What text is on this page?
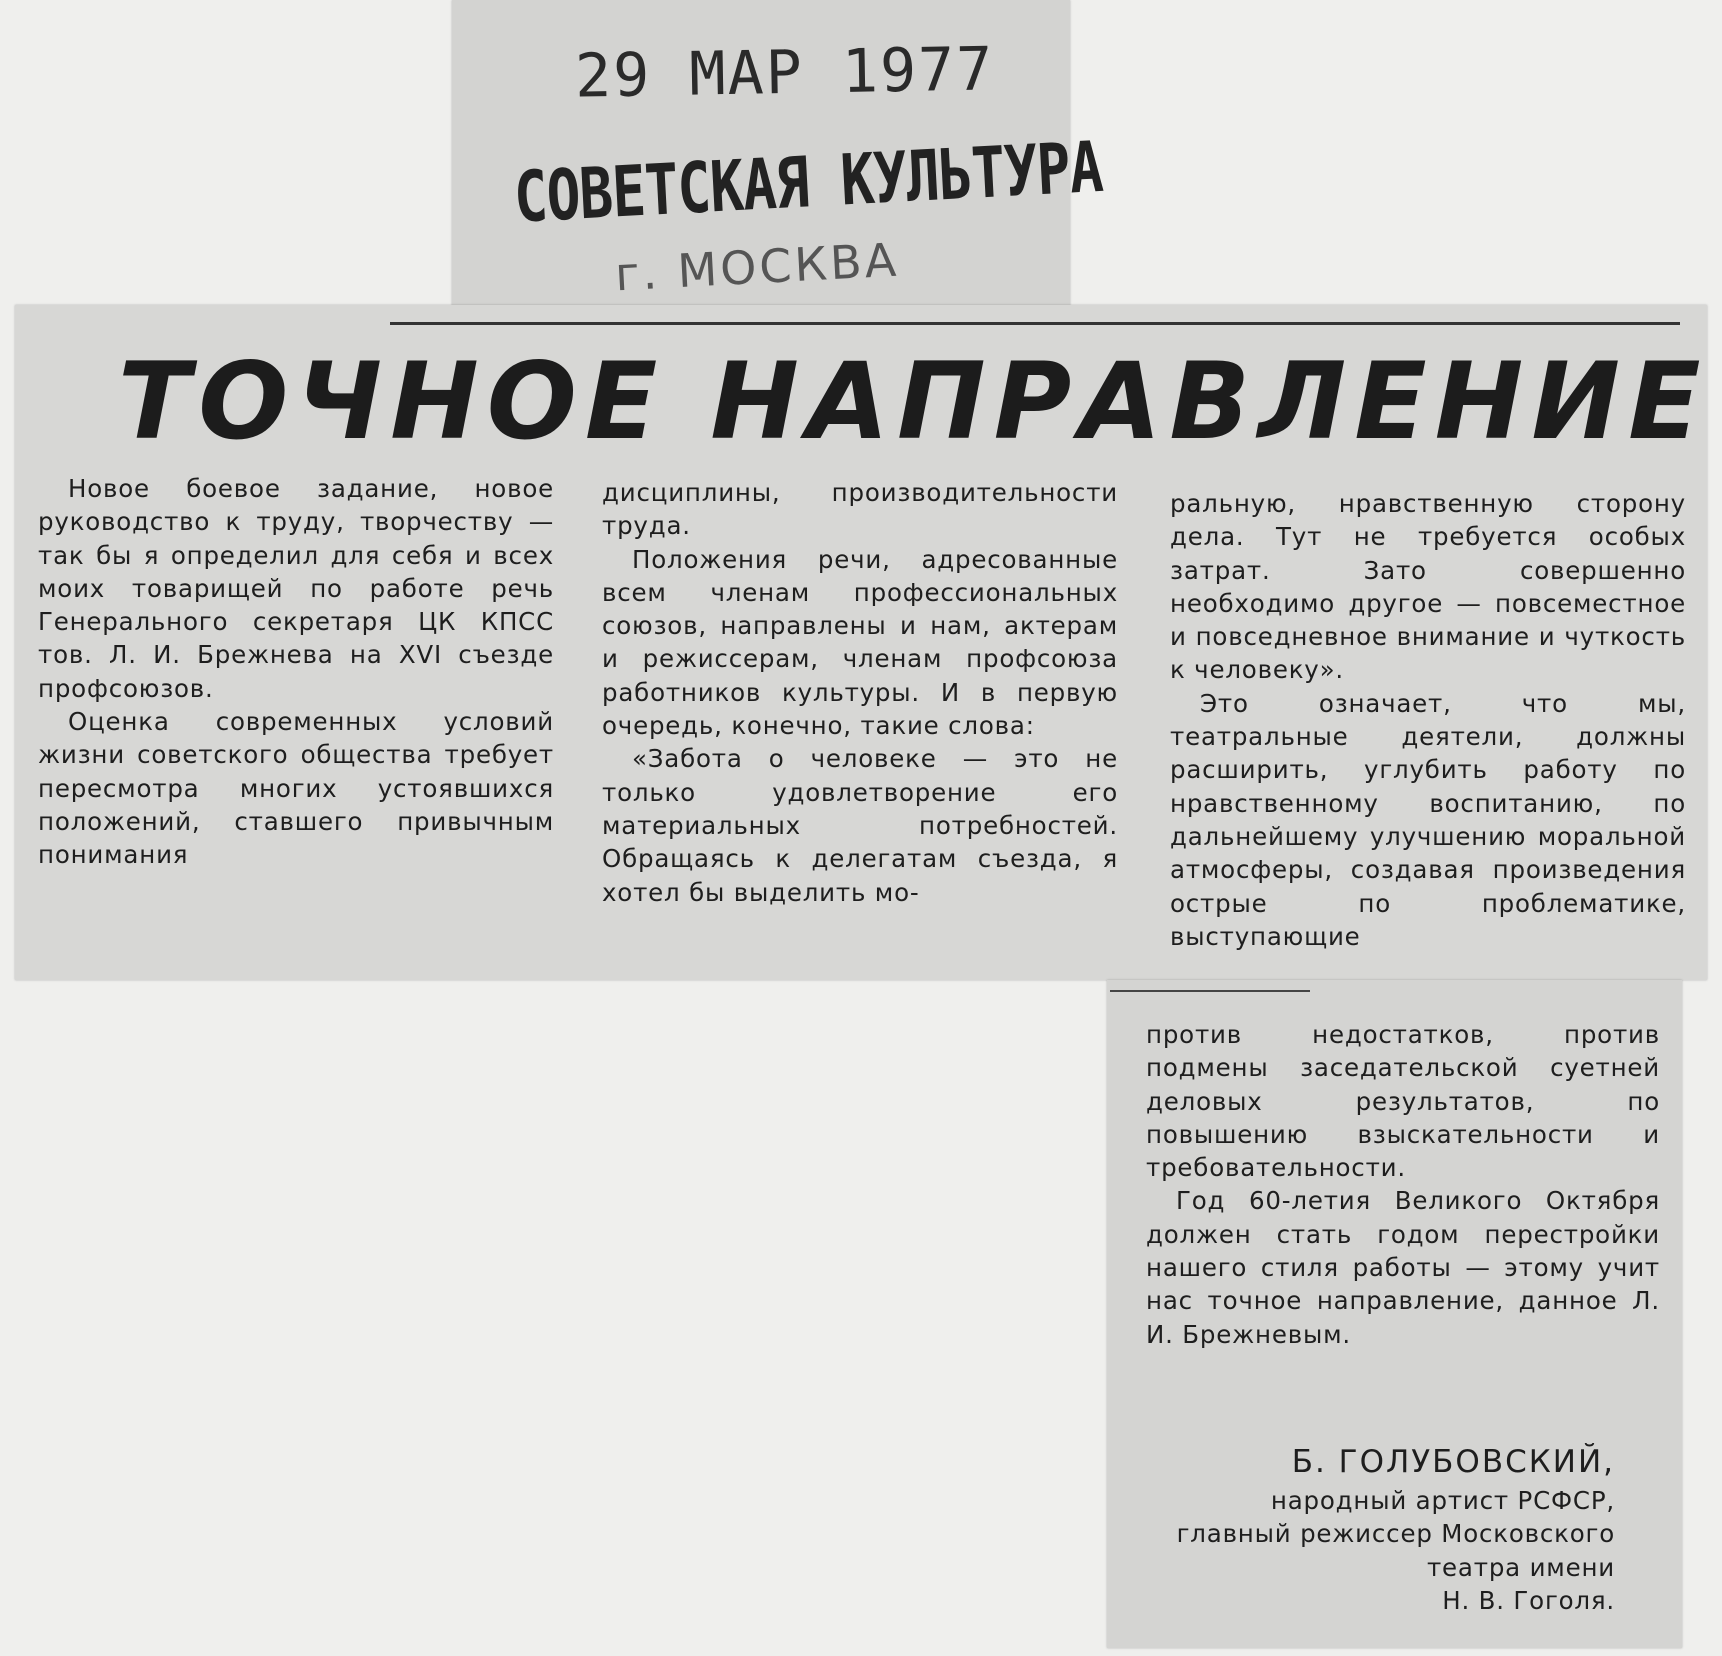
29 МАР 1977
СОВЕТСКАЯ КУЛЬТУРА
г. МОСКВА
ТОЧНОЕ НАПРАВЛЕНИЕ

Новое боевое задание, новое руководство к труду, творчеству — так бы я определил для себя и всех моих товарищей по работе речь Генерального секретаря ЦК КПСС тов. Л. И. Брежнева на XVI съезде профсоюзов.

Оценка современных условий жизни советского общества требует пересмотра многих устоявшихся положений, ставшего привычным понимания

дисциплины, производительности труда.

Положения речи, адресованные всем членам профессиональных союзов, направлены и нам, актерам и режиссерам, членам профсоюза работников культуры. И в первую очередь, конечно, такие слова:

«Забота о человеке — это не только удовлетворение его материальных потребностей. Обращаясь к делегатам съезда, я хотел бы выделить мо-

ральную, нравственную сторону дела. Тут не требуется особых затрат. Зато совершенно необходимо другое — повсеместное и повседневное внимание и чуткость к человеку».

Это означает, что мы, театральные деятели, должны расширить, углубить работу по нравственному воспитанию, по дальнейшему улучшению моральной атмосферы, создавая произведения острые по проблематике, выступающие

против недостатков, против подмены заседательской суетней деловых результатов, по повышению взыскательности и требовательности.

Год 60-летия Великого Октября должен стать годом перестройки нашего стиля работы — этому учит нас точное направление, данное Л. И. Брежневым.

Б. ГОЛУБОВСКИЙ,
народный артист РСФСР,
главный режиссер Московского театра имени
Н. В. Гоголя.
